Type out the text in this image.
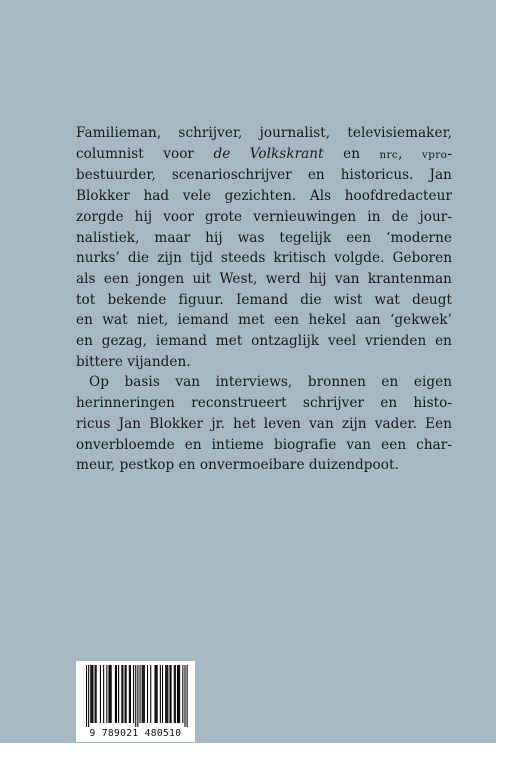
Familieman, schrijver, journalist, televisiemaker,
columnist voor de Volkskrant en nrc, vpro-
bestuurder, scenarioschrijver en historicus. Jan
Blokker had vele gezichten. Als hoofdredacteur
zorgde hij voor grote vernieuwingen in de jour-
nalistiek, maar hij was tegelijk een ‘moderne
nurks’ die zijn tijd steeds kritisch volgde. Geboren
als een jongen uit West, werd hij van krantenman
tot bekende figuur. Iemand die wist wat deugt
en wat niet, iemand met een hekel aan ‘gekwek’
en gezag, iemand met ontzaglijk veel vrienden en
bittere vijanden.

Op basis van interviews, bronnen en eigen
herinneringen reconstrueert schrijver en histo-
ricus Jan Blokker jr. het leven van zijn vader. Een
onverbloemde en intieme biografie van een char-
meur, pestkop en onvermoeibare duizendpoot.

9 789021 480510
